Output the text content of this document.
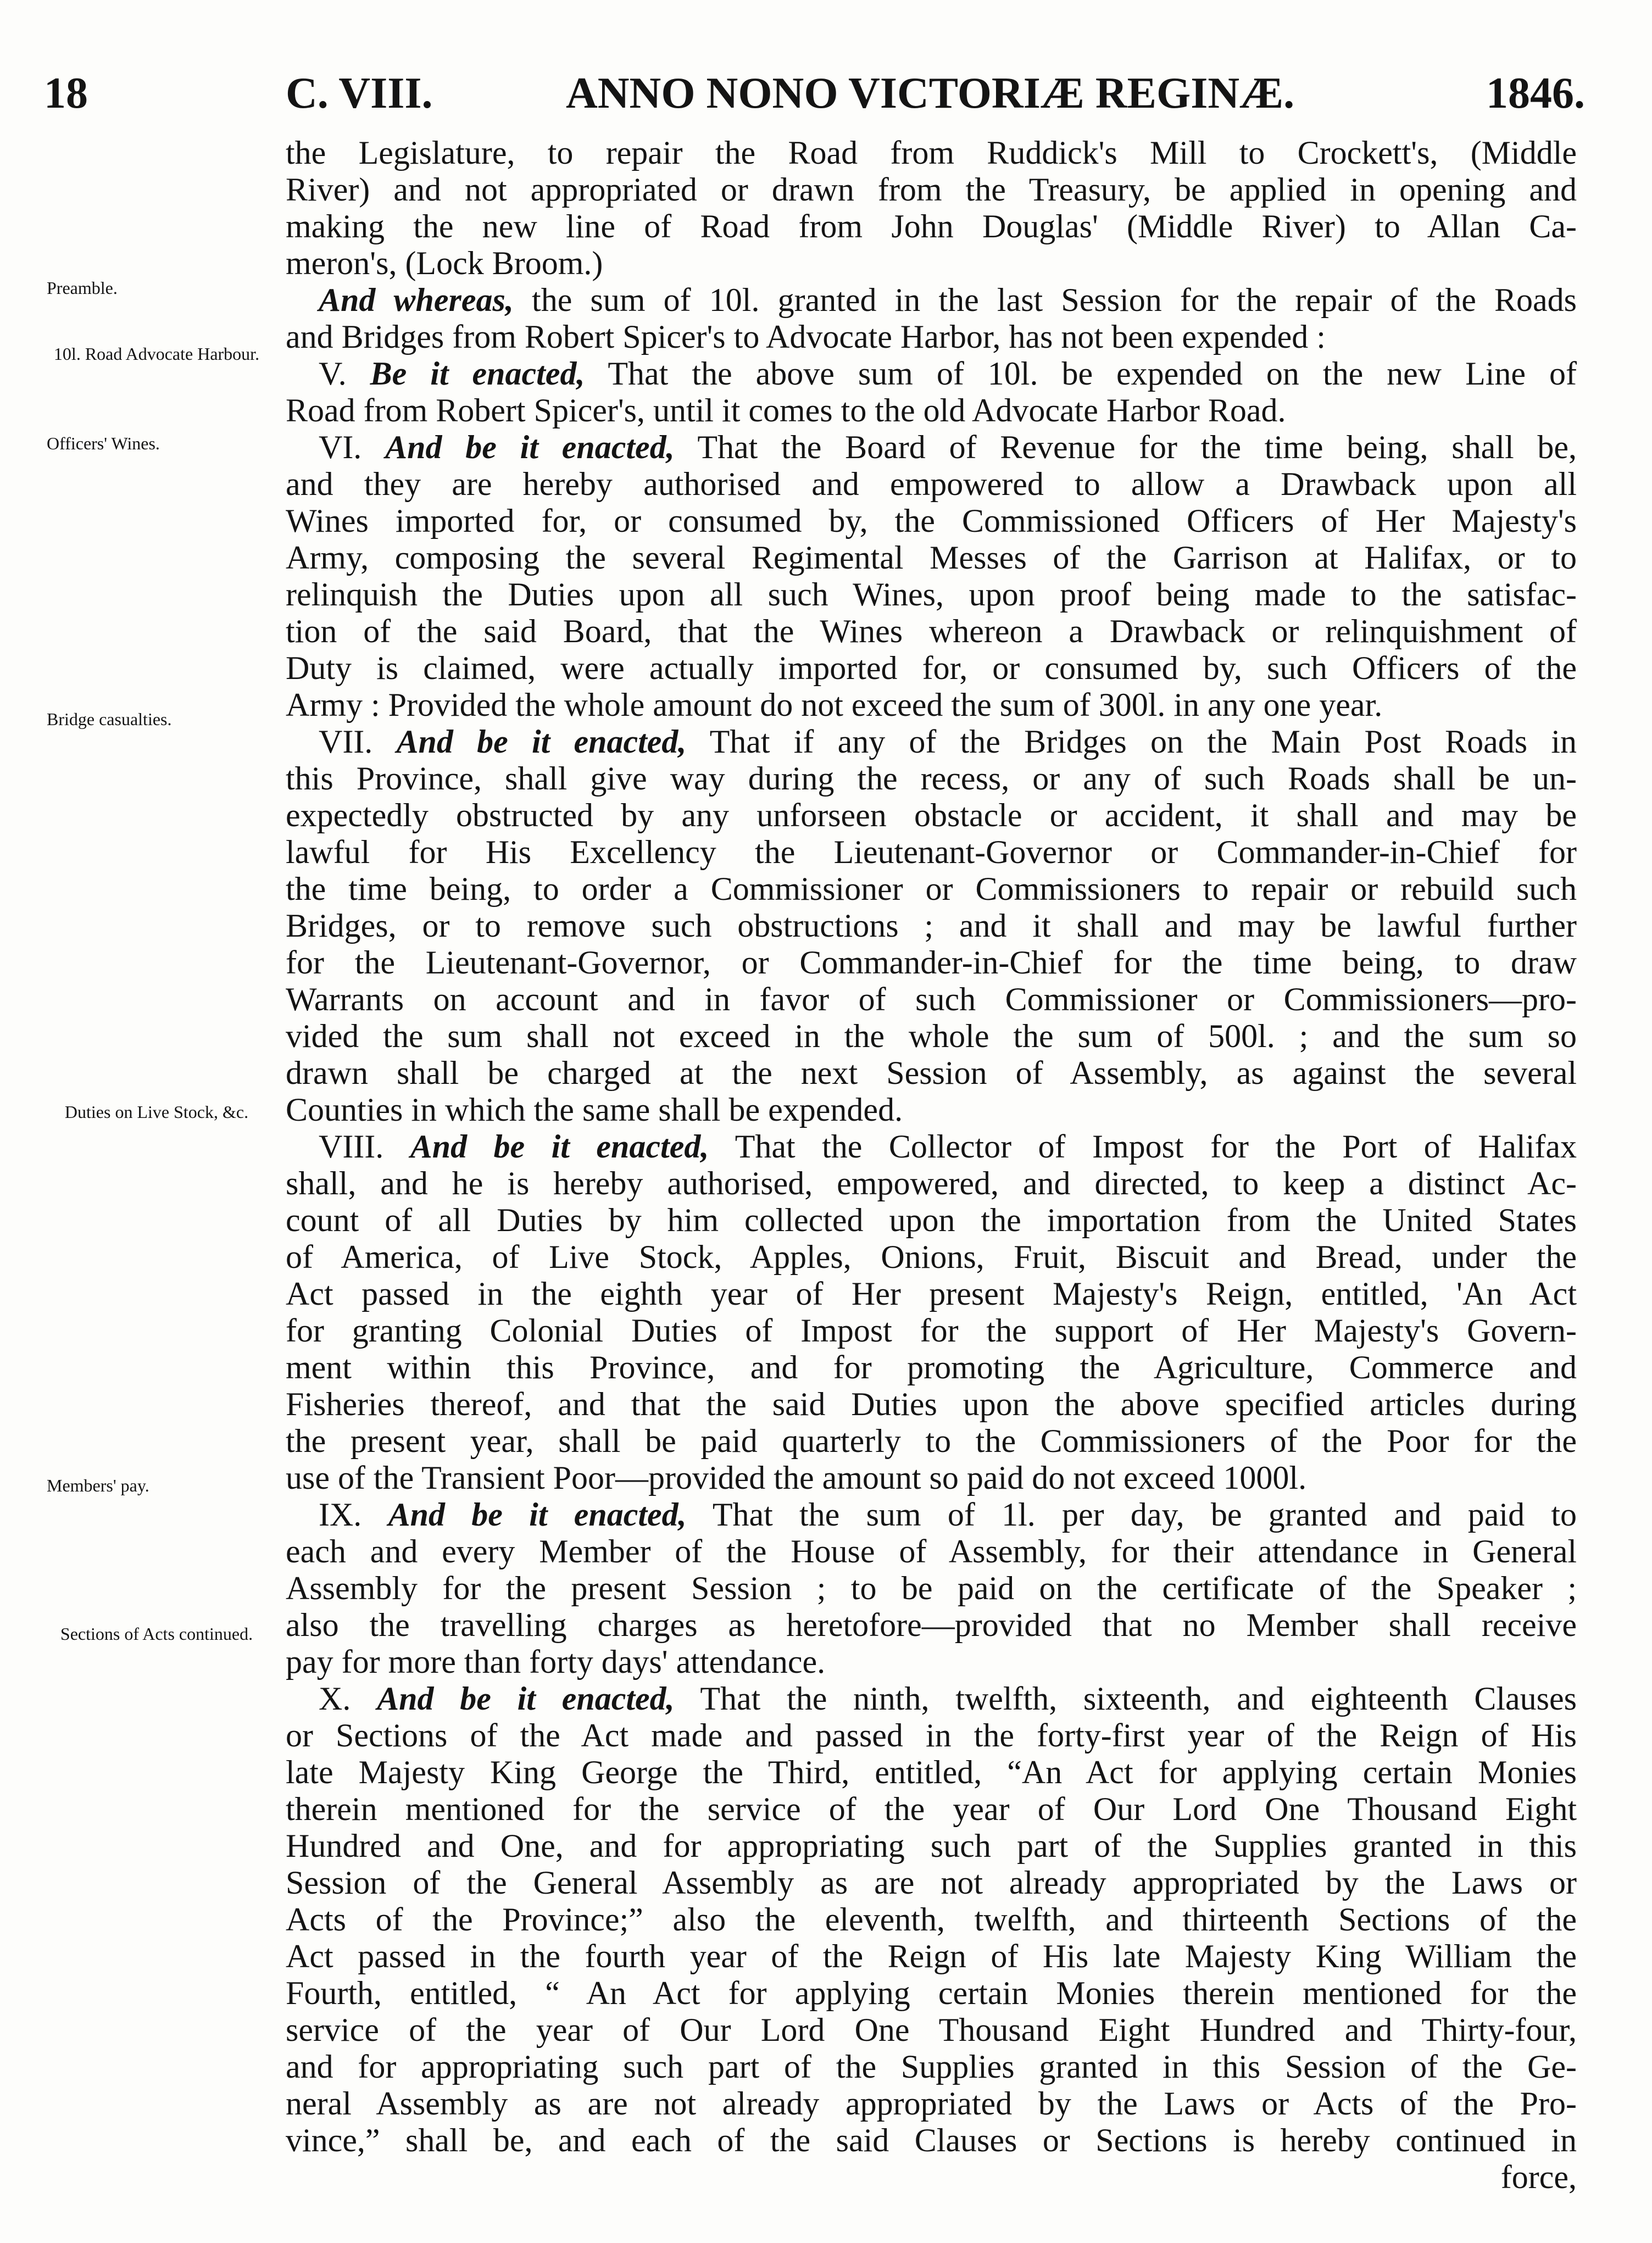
18	C. VIII.	ANNO NONO VICTORIÆ REGINÆ.	1846.
Preamble.
10l. Road Advocate Harbour.
Officers' Wines.
Bridge casualties.
Duties on Live Stock, &c.
Members' pay.
Sections of Acts continued.
the Legislature, to repair the Road from Ruddick's Mill to Crockett's, (Middle
River) and not appropriated or drawn from the Treasury, be applied in opening and
making the new line of Road from John Douglas' (Middle River) to Allan Ca-
meron's, (Lock Broom.)
And whereas, the sum of 10l. granted in the last Session for the repair of the Roads
and Bridges from Robert Spicer's to Advocate Harbor, has not been expended :
V. Be it enacted, That the above sum of 10l. be expended on the new Line of
Road from Robert Spicer's, until it comes to the old Advocate Harbor Road.
VI. And be it enacted, That the Board of Revenue for the time being, shall be,
and they are hereby authorised and empowered to allow a Drawback upon all
Wines imported for, or consumed by, the Commissioned Officers of Her Majesty's
Army, composing the several Regimental Messes of the Garrison at Halifax, or to
relinquish the Duties upon all such Wines, upon proof being made to the satisfac-
tion of the said Board, that the Wines whereon a Drawback or relinquishment of
Duty is claimed, were actually imported for, or consumed by, such Officers of the
Army : Provided the whole amount do not exceed the sum of 300l. in any one year.
VII. And be it enacted, That if any of the Bridges on the Main Post Roads in
this Province, shall give way during the recess, or any of such Roads shall be un-
expectedly obstructed by any unforseen obstacle or accident, it shall and may be
lawful for His Excellency the Lieutenant-Governor or Commander-in-Chief for
the time being, to order a Commissioner or Commissioners to repair or rebuild such
Bridges, or to remove such obstructions ; and it shall and may be lawful further
for the Lieutenant-Governor, or Commander-in-Chief for the time being, to draw
Warrants on account and in favor of such Commissioner or Commissioners—pro-
vided the sum shall not exceed in the whole the sum of 500l. ; and the sum so
drawn shall be charged at the next Session of Assembly, as against the several
Counties in which the same shall be expended.
VIII. And be it enacted, That the Collector of Impost for the Port of Halifax
shall, and he is hereby authorised, empowered, and directed, to keep a distinct Ac-
count of all Duties by him collected upon the importation from the United States
of America, of Live Stock, Apples, Onions, Fruit, Biscuit and Bread, under the
Act passed in the eighth year of Her present Majesty's Reign, entitled, 'An Act
for granting Colonial Duties of Impost for the support of Her Majesty's Govern-
ment within this Province, and for promoting the Agriculture, Commerce and
Fisheries thereof, and that the said Duties upon the above specified articles during
the present year, shall be paid quarterly to the Commissioners of the Poor for the
use of the Transient Poor—provided the amount so paid do not exceed 1000l.
IX. And be it enacted, That the sum of 1l. per day, be granted and paid to
each and every Member of the House of Assembly, for their attendance in General
Assembly for the present Session ; to be paid on the certificate of the Speaker ;
also the travelling charges as heretofore—provided that no Member shall receive
pay for more than forty days' attendance.
X. And be it enacted, That the ninth, twelfth, sixteenth, and eighteenth Clauses
or Sections of the Act made and passed in the forty-first year of the Reign of His
late Majesty King George the Third, entitled, “An Act for applying certain Monies
therein mentioned for the service of the year of Our Lord One Thousand Eight
Hundred and One, and for appropriating such part of the Supplies granted in this
Session of the General Assembly as are not already appropriated by the Laws or
Acts of the Province;” also the eleventh, twelfth, and thirteenth Sections of the
Act passed in the fourth year of the Reign of His late Majesty King William the
Fourth, entitled, “ An Act for applying certain Monies therein mentioned for the
service of the year of Our Lord One Thousand Eight Hundred and Thirty-four,
and for appropriating such part of the Supplies granted in this Session of the Ge-
neral Assembly as are not already appropriated by the Laws or Acts of the Pro-
vince,” shall be, and each of the said Clauses or Sections is hereby continued in
force,
